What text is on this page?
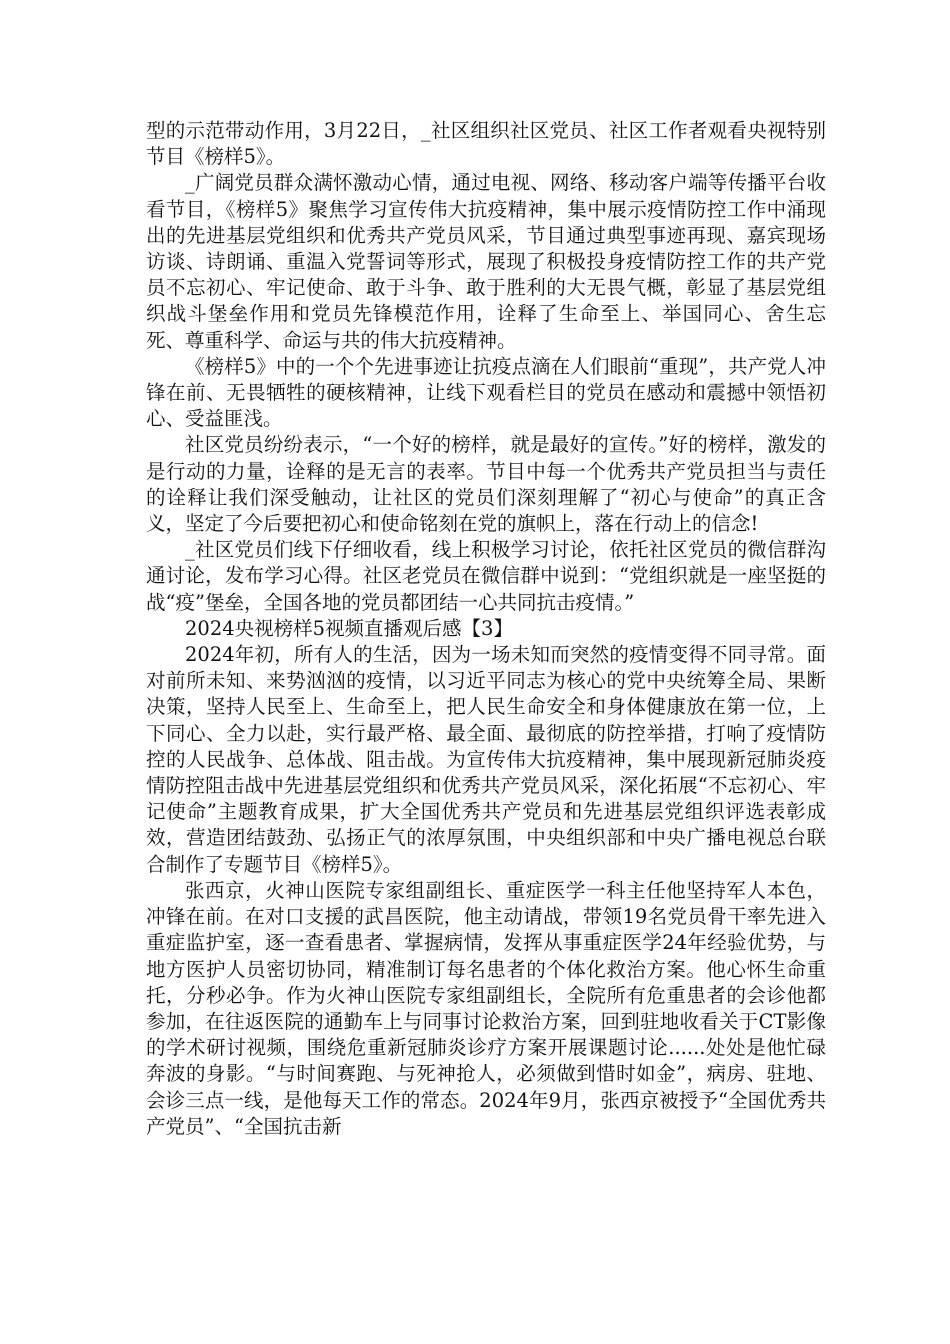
型的示范带动作用，3月22日，_社区组织社区党员、社区工作者观看央视特别节目《榜样5》。

_广阔党员群众满怀激动心情，通过电视、网络、移动客户端等传播平台收看节目，《榜样5》聚焦学习宣传伟大抗疫精神，集中展示疫情防控工作中涌现出的先进基层党组织和优秀共产党员风采，节目通过典型事迹再现、嘉宾现场访谈、诗朗诵、重温入党誓词等形式，展现了积极投身疫情防控工作的共产党员不忘初心、牢记使命、敢于斗争、敢于胜利的大无畏气概，彰显了基层党组织战斗堡垒作用和党员先锋模范作用，诠释了生命至上、举国同心、舍生忘死、尊重科学、命运与共的伟大抗疫精神。

《榜样5》中的一个个先进事迹让抗疫点滴在人们眼前“重现”，共产党人冲锋在前、无畏牺牲的硬核精神，让线下观看栏目的党员在感动和震撼中领悟初心、受益匪浅。

社区党员纷纷表示，“一个好的榜样，就是最好的宣传。”好的榜样，激发的是行动的力量，诠释的是无言的表率。节目中每一个优秀共产党员担当与责任的诠释让我们深受触动，让社区的党员们深刻理解了“初心与使命”的真正含义，坚定了今后要把初心和使命铭刻在党的旗帜上，落在行动上的信念!

_社区党员们线下仔细收看，线上积极学习讨论，依托社区党员的微信群沟通讨论，发布学习心得。社区老党员在微信群中说到：“党组织就是一座坚挺的战“疫”堡垒，全国各地的党员都团结一心共同抗击疫情。”

2024央视榜样5视频直播观后感【3】

2024年初，所有人的生活，因为一场未知而突然的疫情变得不同寻常。面对前所未知、来势汹汹的疫情，以习近平同志为核心的党中央统筹全局、果断决策，坚持人民至上、生命至上，把人民生命安全和身体健康放在第一位，上下同心、全力以赴，实行最严格、最全面、最彻底的防控举措，打响了疫情防控的人民战争、总体战、阻击战。为宣传伟大抗疫精神，集中展现新冠肺炎疫情防控阻击战中先进基层党组织和优秀共产党员风采，深化拓展“不忘初心、牢记使命”主题教育成果，扩大全国优秀共产党员和先进基层党组织评选表彰成效，营造团结鼓劲、弘扬正气的浓厚氛围，中央组织部和中央广播电视总台联合制作了专题节目《榜样5》。

张西京，火神山医院专家组副组长、重症医学一科主任他坚持军人本色，冲锋在前。在对口支援的武昌医院，他主动请战，带领19名党员骨干率先进入重症监护室，逐一查看患者、掌握病情，发挥从事重症医学24年经验优势，与地方医护人员密切协同，精准制订每名患者的个体化救治方案。他心怀生命重托，分秒必争。作为火神山医院专家组副组长，全院所有危重患者的会诊他都参加，在往返医院的通勤车上与同事讨论救治方案，回到驻地收看关于CT影像的学术研讨视频，围绕危重新冠肺炎诊疗方案开展课题讨论......处处是他忙碌奔波的身影。“与时间赛跑、与死神抢人，必须做到惜时如金”，病房、驻地、会诊三点一线，是他每天工作的常态。2024年9月，张西京被授予“全国优秀共产党员”、“全国抗击新
